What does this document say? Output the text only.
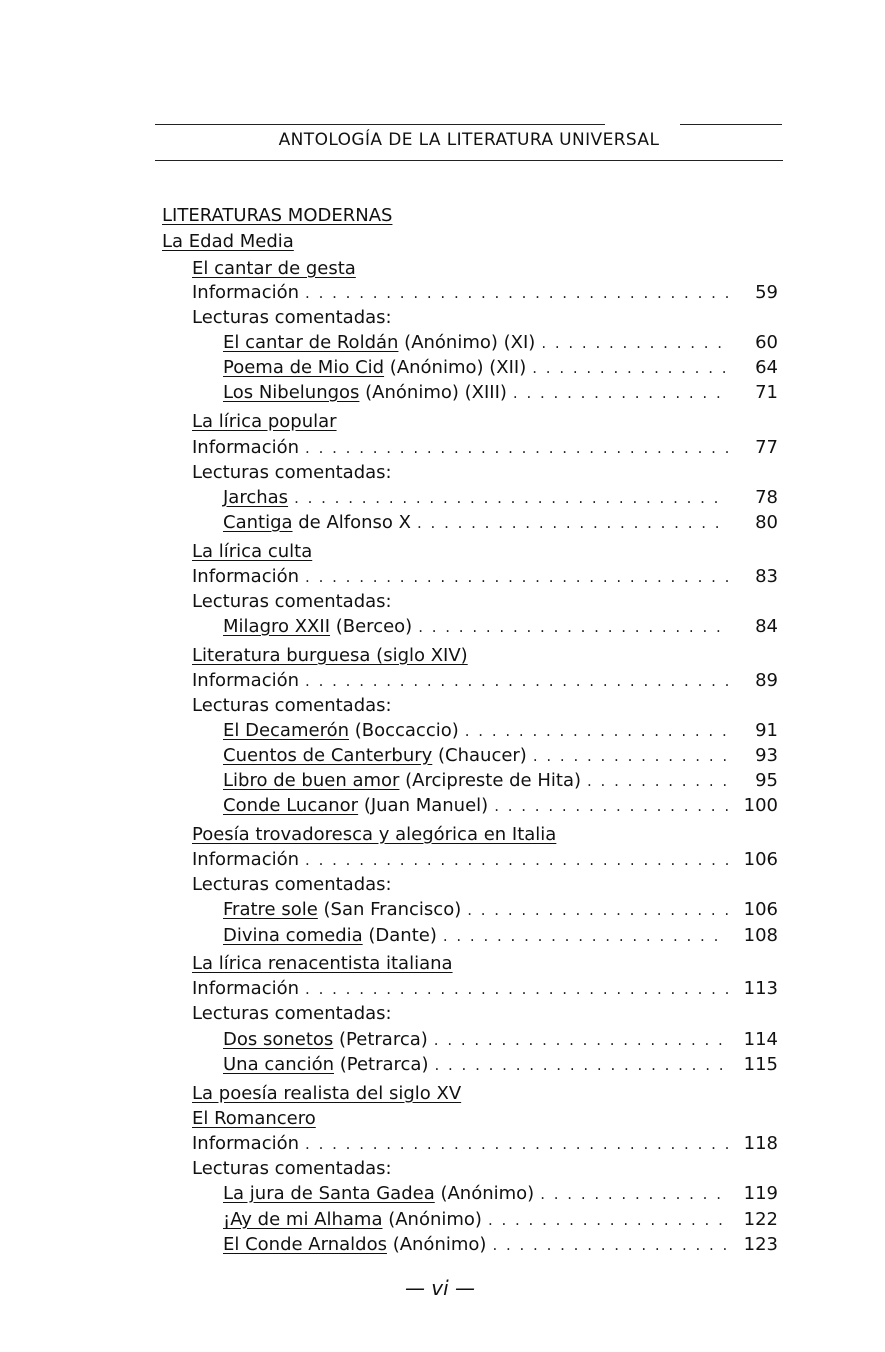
ANTOLOGÍA DE LA LITERATURA UNIVERSAL
LITERATURAS MODERNAS
La Edad Media
El cantar de gesta
Información . . .	59
Lecturas comentadas:
El cantar de Roldán (Anónimo) (XI) . . .	60
Poema de Mio Cid (Anónimo) (XII) . . .	64
Los Nibelungos (Anónimo) (XIII) . . .	71
La lírica popular
Información . . .	77
Lecturas comentadas:
Jarchas . . .	78
Cantiga de Alfonso X . . .	80
La lírica culta
Información . . .	83
Lecturas comentadas:
Milagro XXII (Berceo) . . .	84
Literatura burguesa (siglo XIV)
Información . . .	89
Lecturas comentadas:
El Decamerón (Boccaccio) . . .	91
Cuentos de Canterbury (Chaucer) . . .	93
Libro de buen amor (Arcipreste de Hita) . . .	95
Conde Lucanor (Juan Manuel) . . .	100
Poesía trovadoresca y alegórica en Italia
Información . . .	106
Lecturas comentadas:
Fratre sole (San Francisco) . . .	106
Divina comedia (Dante) . . .	108
La lírica renacentista italiana
Información . . .	113
Lecturas comentadas:
Dos sonetos (Petrarca) . . .	114
Una canción (Petrarca) . . .	115
La poesía realista del siglo XV
El Romancero
Información . . .	118
Lecturas comentadas:
La jura de Santa Gadea (Anónimo) . . .	119
¡Ay de mi Alhama (Anónimo) . . .	122
El Conde Arnaldos (Anónimo) . . .	123
— vi —
